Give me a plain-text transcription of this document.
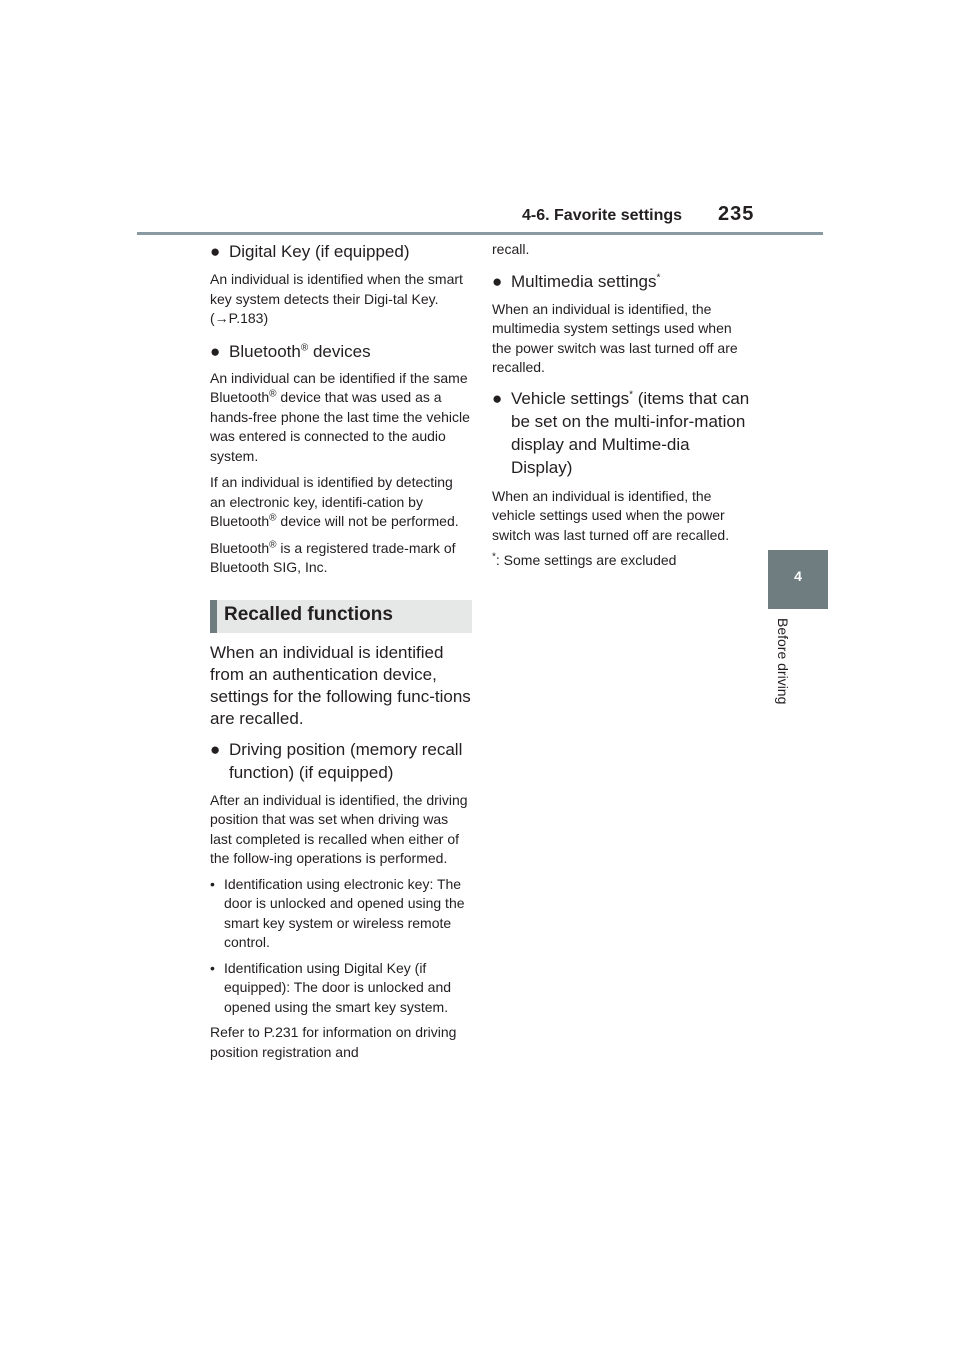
4-6. Favorite settings 235
4
Before driving

● Digital Key (if equipped)

An individual is identified when the smart key system detects their Digi-tal Key. (→P.183)

● Bluetooth® devices

An individual can be identified if the same Bluetooth® device that was used as a hands-free phone the last time the vehicle was entered is connected to the audio system.

If an individual is identified by detecting an electronic key, identifi-cation by Bluetooth® device will not be performed.

Bluetooth® is a registered trade-mark of Bluetooth SIG, Inc.

Recalled functions

When an individual is identified from an authentication device, settings for the following func-tions are recalled.

● Driving position (memory recall function) (if equipped)

After an individual is identified, the driving position that was set when driving was last completed is recalled when either of the follow-ing operations is performed.

• Identification using electronic key: The door is unlocked and opened using the smart key system or wireless remote control.

• Identification using Digital Key (if equipped): The door is unlocked and opened using the smart key system.

Refer to P.231 for information on driving position registration and

recall.

● Multimedia settings*

When an individual is identified, the multimedia system settings used when the power switch was last turned off are recalled.

● Vehicle settings* (items that can be set on the multi-infor-mation display and Multime-dia Display)

When an individual is identified, the vehicle settings used when the power switch was last turned off are recalled.

*: Some settings are excluded
